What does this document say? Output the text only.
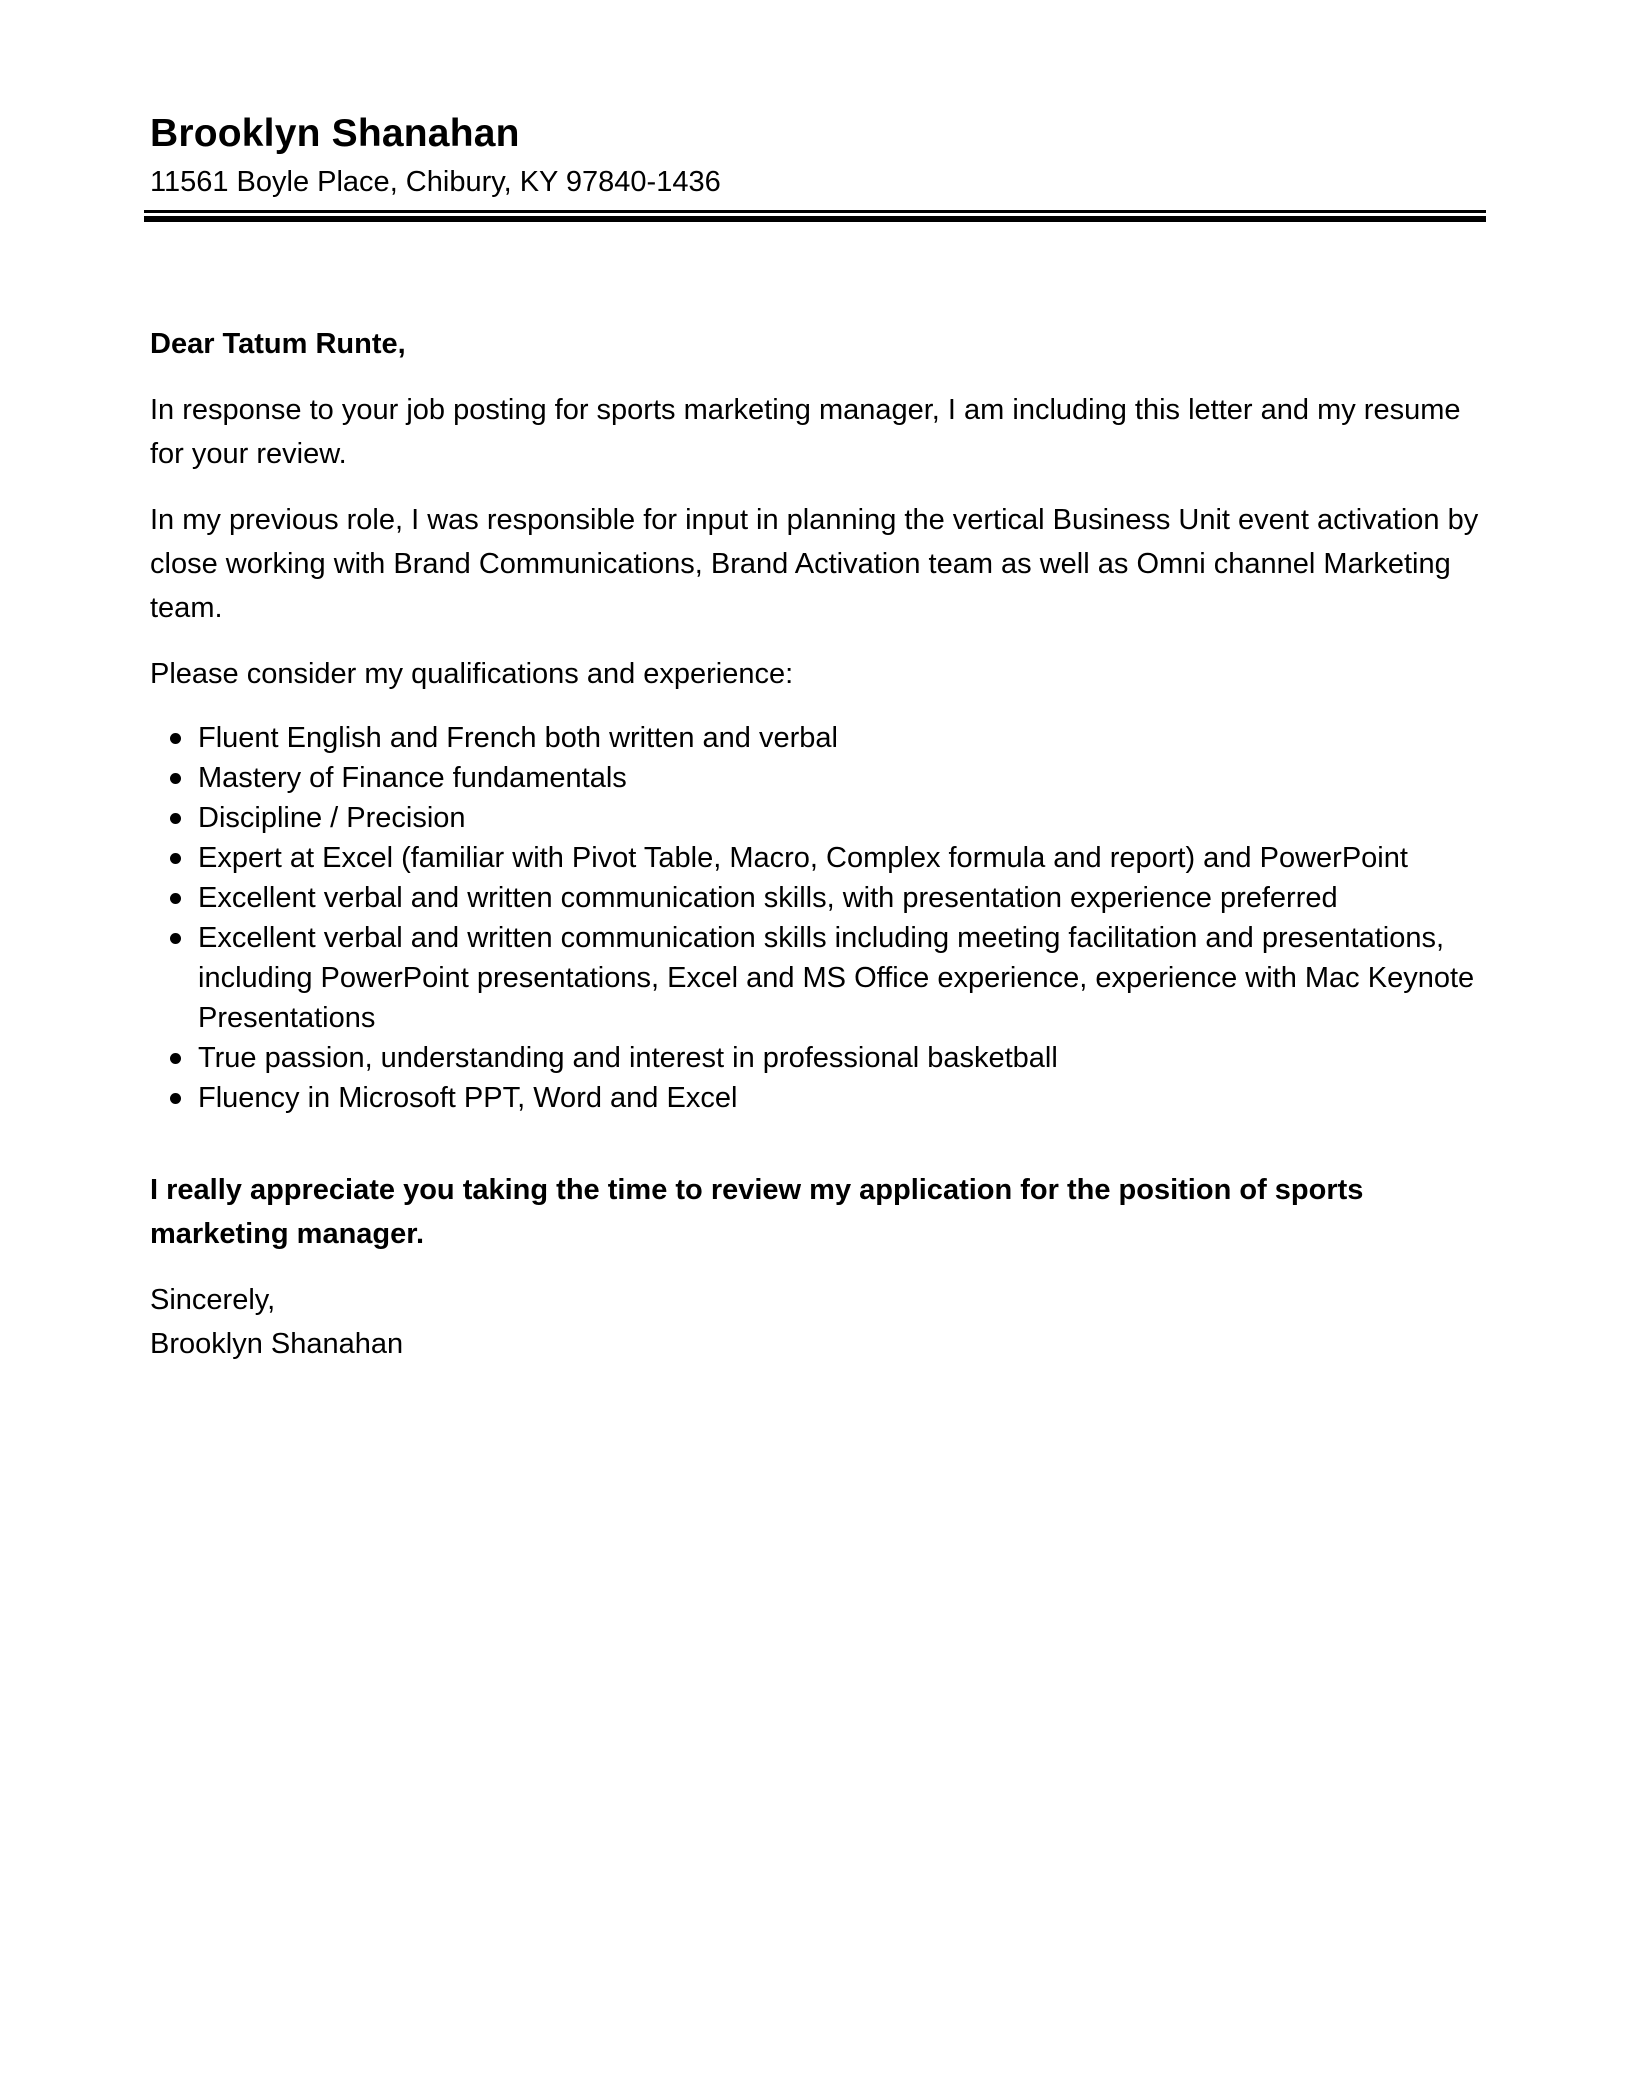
Brooklyn Shanahan
11561 Boyle Place, Chibury, KY 97840-1436

Dear Tatum Runte,

In response to your job posting for sports marketing manager, I am including this letter and my resume for your review.

In my previous role, I was responsible for input in planning the vertical Business Unit event activation by close working with Brand Communications, Brand Activation team as well as Omni channel Marketing team.

Please consider my qualifications and experience:

Fluent English and French both written and verbal
Mastery of Finance fundamentals
Discipline / Precision
Expert at Excel (familiar with Pivot Table, Macro, Complex formula and report) and PowerPoint
Excellent verbal and written communication skills, with presentation experience preferred
Excellent verbal and written communication skills including meeting facilitation and presentations, including PowerPoint presentations, Excel and MS Office experience, experience with Mac Keynote Presentations
True passion, understanding and interest in professional basketball
Fluency in Microsoft PPT, Word and Excel

I really appreciate you taking the time to review my application for the position of sports marketing manager.

Sincerely,

Brooklyn Shanahan
